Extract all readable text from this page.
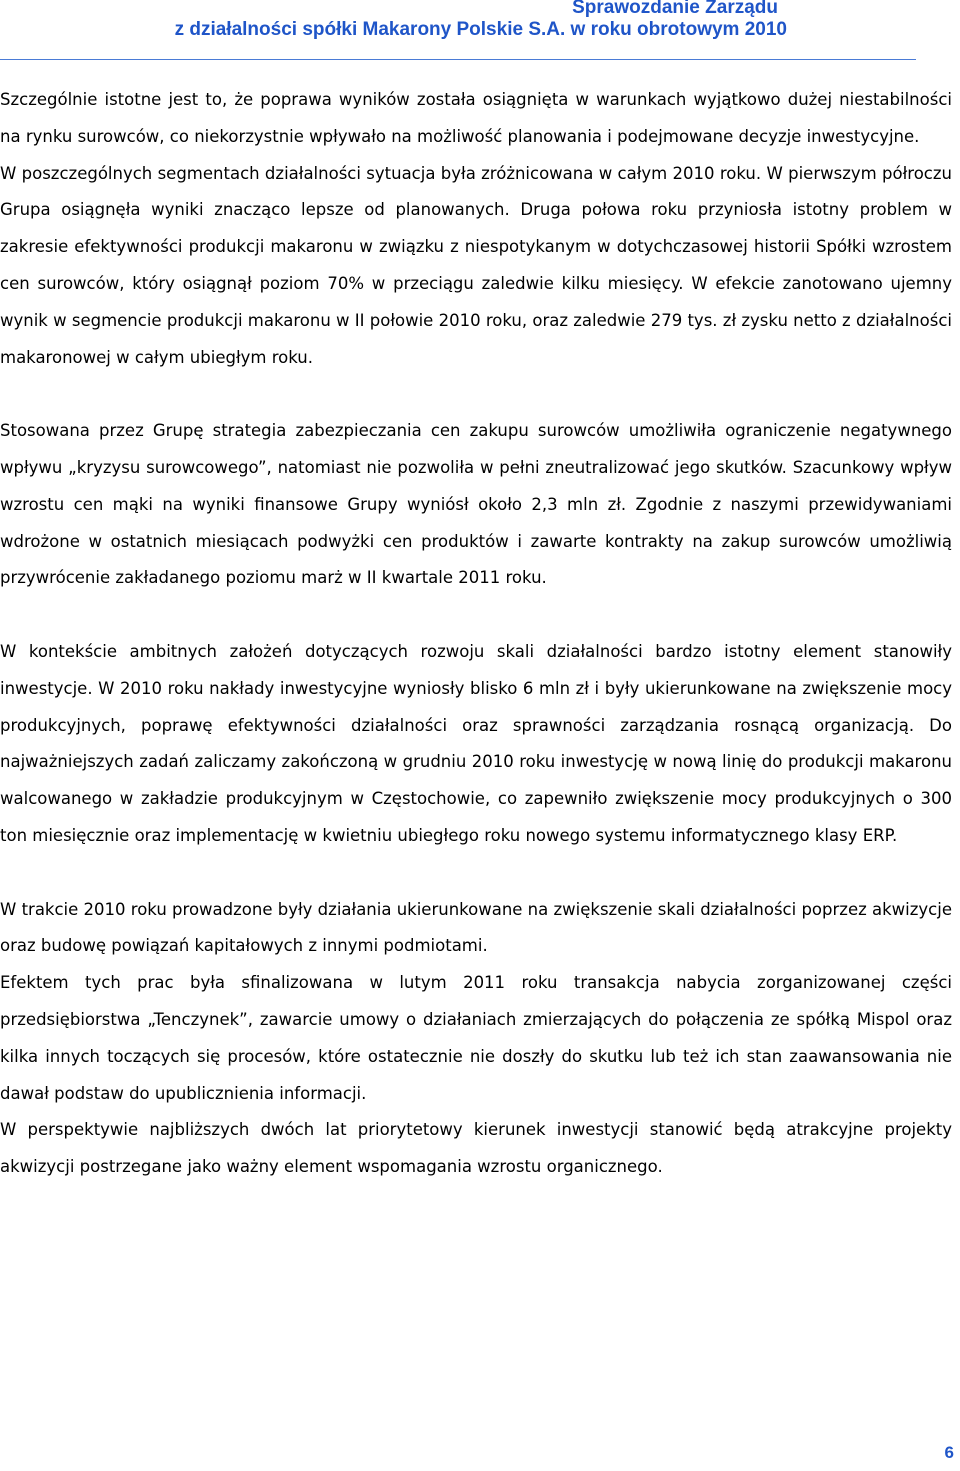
Sprawozdanie Zarządu
z działalności spółki Makarony Polskie S.A. w roku obrotowym 2010

Szczególnie istotne jest to, że poprawa wyników została osiągnięta w warunkach wyjątkowo dużej niestabilności na rynku surowców, co niekorzystnie wpływało na możliwość planowania i podejmowane decyzje inwestycyjne.

W poszczególnych segmentach działalności sytuacja była zróżnicowana w całym 2010 roku. W pierwszym półroczu Grupa osiągnęła wyniki znacząco lepsze od planowanych. Druga połowa roku przyniosła istotny problem w zakresie efektywności produkcji makaronu w związku z niespotykanym w dotychczasowej historii Spółki wzrostem cen surowców, który osiągnął poziom 70% w przeciągu zaledwie kilku miesięcy. W efekcie zanotowano ujemny wynik w segmencie produkcji makaronu w II połowie 2010 roku, oraz zaledwie 279 tys. zł zysku netto z działalności makaronowej w całym ubiegłym roku.

Stosowana przez Grupę strategia zabezpieczania cen zakupu surowców umożliwiła ograniczenie negatywnego wpływu „kryzysu surowcowego”, natomiast nie pozwoliła w pełni zneutralizować jego skutków. Szacunkowy wpływ wzrostu cen mąki na wyniki finansowe Grupy wyniósł około 2,3 mln zł. Zgodnie z naszymi przewidywaniami wdrożone w ostatnich miesiącach podwyżki cen produktów i zawarte kontrakty na zakup surowców umożliwią przywrócenie zakładanego poziomu marż w II kwartale 2011 roku.

W kontekście ambitnych założeń dotyczących rozwoju skali działalności bardzo istotny element stanowiły inwestycje. W 2010 roku nakłady inwestycyjne wyniosły blisko 6 mln zł i były ukierunkowane na zwiększenie mocy produkcyjnych, poprawę efektywności działalności oraz sprawności zarządzania rosnącą organizacją. Do najważniejszych zadań zaliczamy zakończoną w grudniu 2010 roku inwestycję w nową linię do produkcji makaronu walcowanego w zakładzie produkcyjnym w Częstochowie, co zapewniło zwiększenie mocy produkcyjnych o 300 ton miesięcznie oraz implementację w kwietniu ubiegłego roku nowego systemu informatycznego klasy ERP.

W trakcie 2010 roku prowadzone były działania ukierunkowane na zwiększenie skali działalności poprzez akwizycje oraz budowę powiązań kapitałowych z innymi podmiotami.

Efektem tych prac była sfinalizowana w lutym 2011 roku transakcja nabycia zorganizowanej części przedsiębiorstwa „Tenczynek”, zawarcie umowy o działaniach zmierzających do połączenia ze spółką Mispol oraz kilka innych toczących się procesów, które ostatecznie nie doszły do skutku lub też ich stan zaawansowania nie dawał podstaw do upublicznienia informacji.

W perspektywie najbliższych dwóch lat priorytetowy kierunek inwestycji stanowić będą atrakcyjne projekty akwizycji postrzegane jako ważny element wspomagania wzrostu organicznego.

6
